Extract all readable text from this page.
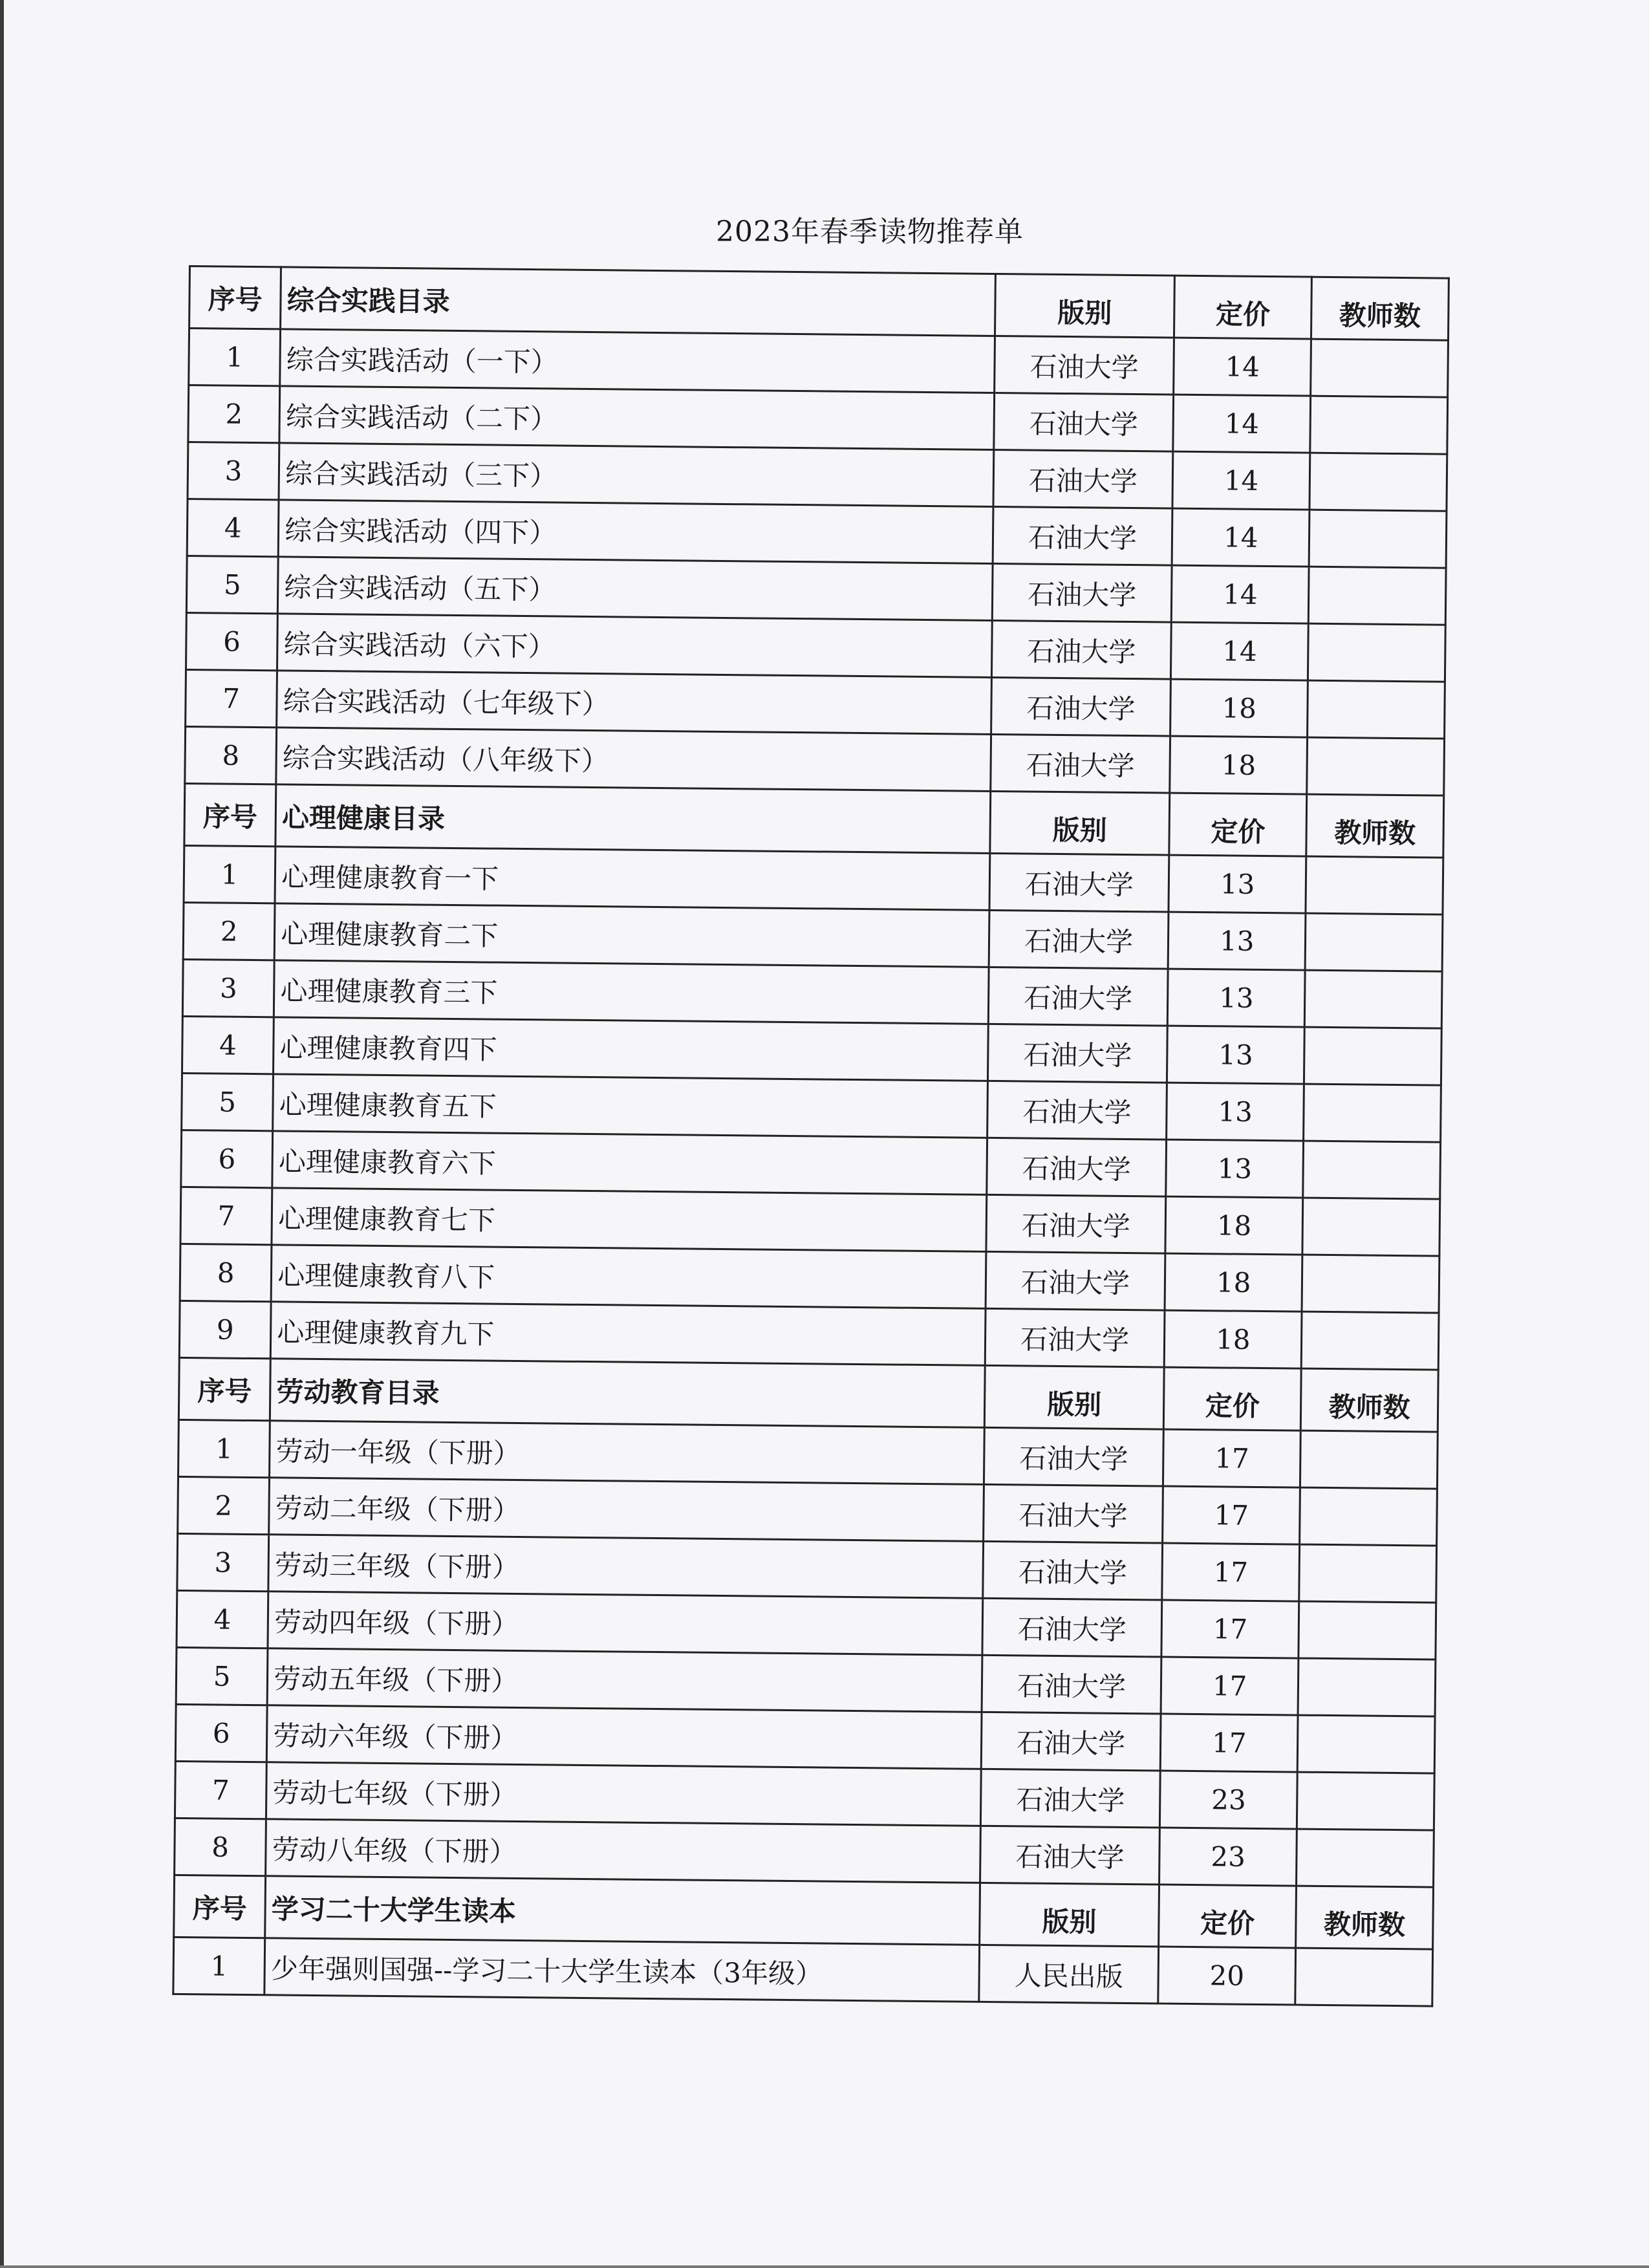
2023年春季读物推荐单
序号	综合实践目录	版别	定价	教师数
1	综合实践活动（一下）	石油大学	14	
2	综合实践活动（二下）	石油大学	14	
3	综合实践活动（三下）	石油大学	14	
4	综合实践活动（四下）	石油大学	14	
5	综合实践活动（五下）	石油大学	14	
6	综合实践活动（六下）	石油大学	14	
7	综合实践活动（七年级下）	石油大学	18	
8	综合实践活动（八年级下）	石油大学	18	
序号	心理健康目录	版别	定价	教师数
1	心理健康教育一下	石油大学	13	
2	心理健康教育二下	石油大学	13	
3	心理健康教育三下	石油大学	13	
4	心理健康教育四下	石油大学	13	
5	心理健康教育五下	石油大学	13	
6	心理健康教育六下	石油大学	13	
7	心理健康教育七下	石油大学	18	
8	心理健康教育八下	石油大学	18	
9	心理健康教育九下	石油大学	18	
序号	劳动教育目录	版别	定价	教师数
1	劳动一年级（下册）	石油大学	17	
2	劳动二年级（下册）	石油大学	17	
3	劳动三年级（下册）	石油大学	17	
4	劳动四年级（下册）	石油大学	17	
5	劳动五年级（下册）	石油大学	17	
6	劳动六年级（下册）	石油大学	17	
7	劳动七年级（下册）	石油大学	23	
8	劳动八年级（下册）	石油大学	23	
序号	学习二十大学生读本	版别	定价	教师数
1	少年强则国强--学习二十大学生读本（3年级）	人民出版	20	
